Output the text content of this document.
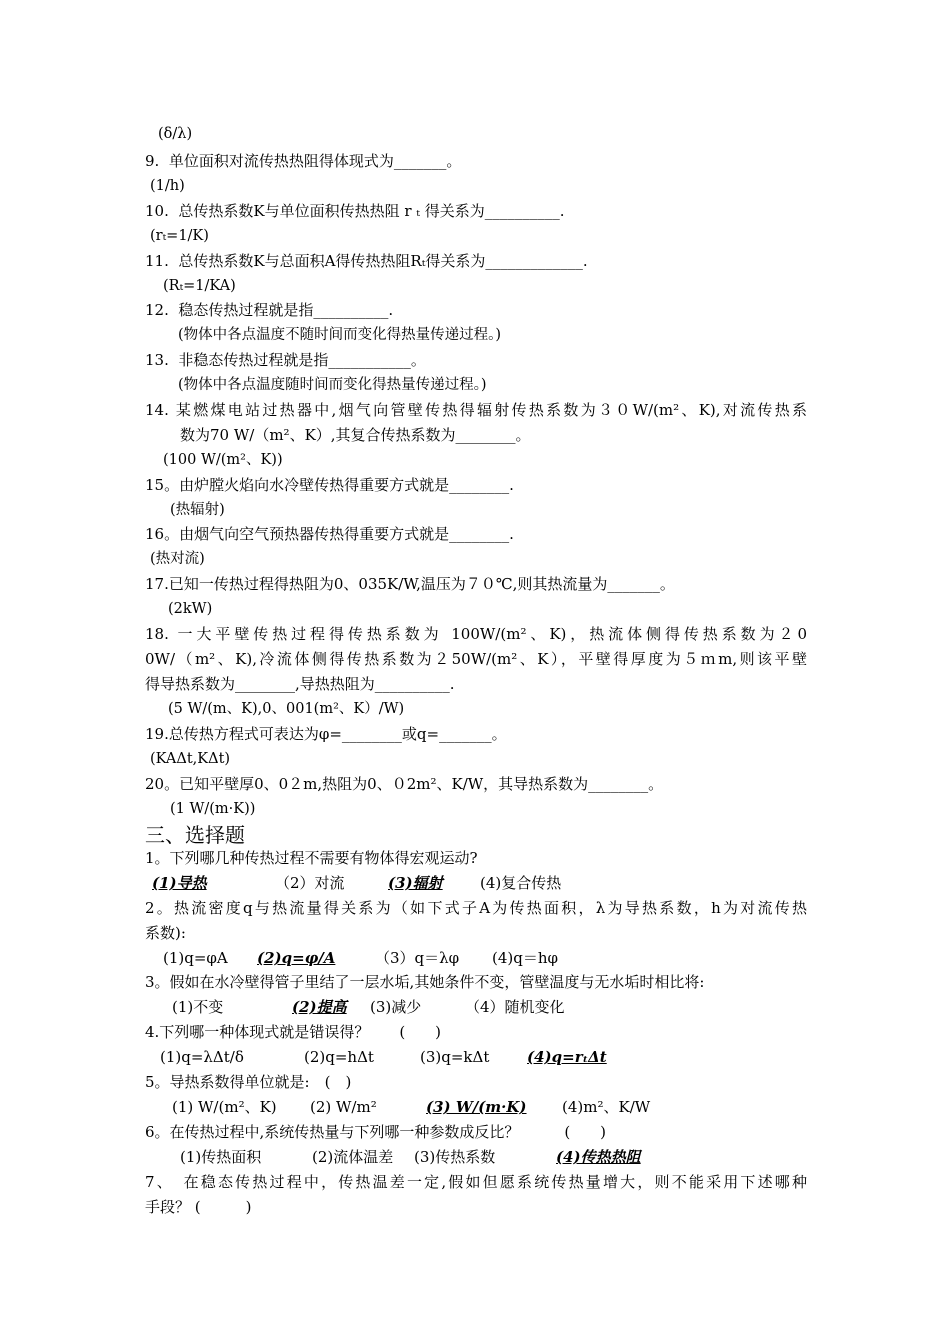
(δ/λ)
9.  单位面积对流传热热阻得体现式为_______。
(1/h)
10.  总传热系数K与单位面积传热热阻 r ₜ 得关系为__________.
(rₜ=1/K)
11.  总传热系数K与总面积A得传热热阻Rₜ得关系为_____________.
(Rₜ=1/KA)
12.  稳态传热过程就是指__________.
(物体中各点温度不随时间而变化得热量传递过程。)
13.  非稳态传热过程就是指___________。
(物体中各点温度随时间而变化得热量传递过程。)
14. 某燃煤电站过热器中,烟气向管壁传热得辐射传热系数为３０W/(m²、K),对流传热系
数为70 W/（m²、K）,其复合传热系数为________。
(100 W/(m²、K))
15。由炉膛火焰向水冷壁传热得重要方式就是________.
(热辐射)
16。由烟气向空气预热器传热得重要方式就是________.
(热对流)
17.已知一传热过程得热阻为0、035K/W,温压为７０℃,则其热流量为_______。
(2kW)
18. 一大平壁传热过程得传热系数为 100W/(m²、K)，热流体侧得传热系数为２0
0W/（m²、K),冷流体侧得传热系数为２50W/(m²、K），平壁得厚度为５ｍm,则该平壁
得导热系数为________,导热热阻为__________.
(5 W/(m、K),0、001(m²、K）/W)
19.总传热方程式可表达为φ=________或q=_______。
(KAΔt,KΔt)
20。已知平壁厚0、0２m,热阻为0、０2m²、K/W，其导热系数为________。
(1 W/(m·K))
三、选择题
1。下列哪几种传热过程不需要有物体得宏观运动?
(1)导热	（2）对流	(3)辐射 (4)复合传热
2。热流密度q与热流量得关系为（如下式子A为传热面积，λ为导热系数，h为对流传热
系数):
(1)q=φA (2)q=φ/A	（3）q＝λφ (4)q＝hφ
3。假如在水冷壁得管子里结了一层水垢,其她条件不变，管壁温度与无水垢时相比将:
(1)不变	(2)提高 (3)减少	（4）随机变化
4.下列哪一种体现式就是错误得？　　(　　)
(1)q=λΔt/δ	(2)q=hΔt	(3)q=kΔt	(4)q=rₜΔt
5。导热系数得单位就是:　(　)
(1) W/(m²、K) (2) W/m²	(3) W/(m·K) (4)m²、K/W
6。在传热过程中,系统传热量与下列哪一种参数成反比？　　　(　　)
(1)传热面积	(2)流体温差 (3)传热系数	(4)传热热阻
7、　在稳态传热过程中，传热温差一定,假如但愿系统传热量增大，则不能采用下述哪种
手段？ (　　　)
